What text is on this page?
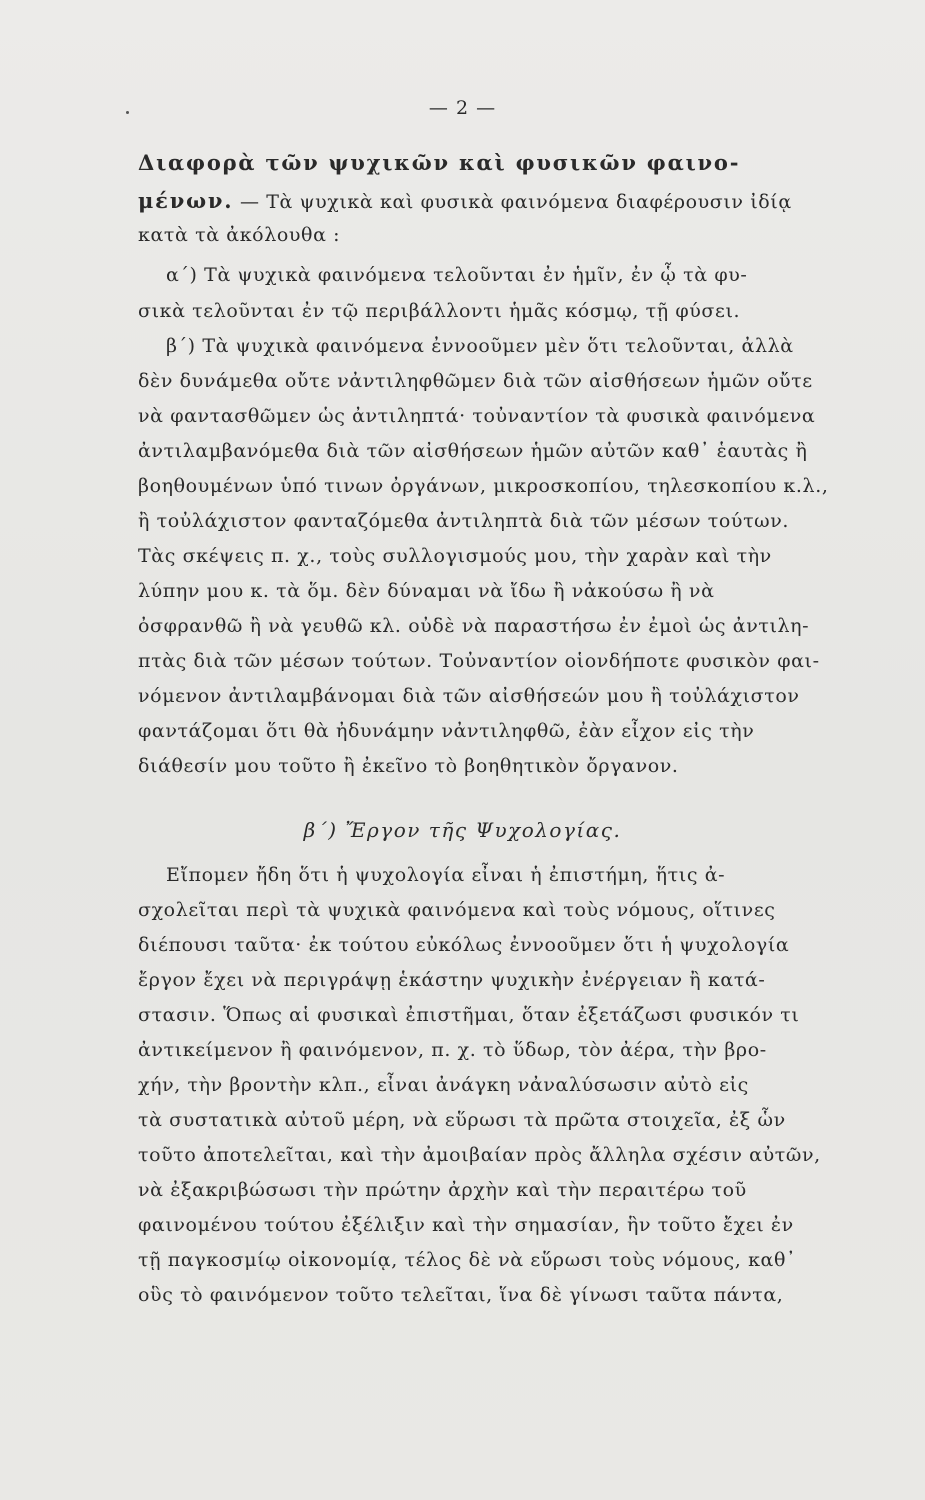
— 2 —
Διαφορὰ τῶν ψυχικῶν καὶ φυσικῶν φαινο-
μένων. — Τὰ ψυχικὰ καὶ φυσικὰ φαινόμενα διαφέρουσιν ἰδίᾳ
κατὰ τὰ ἀκόλουθα :
α΄) Τὰ ψυχικὰ φαινόμενα τελοῦνται ἐν ἡμῖν, ἐν ᾧ τὰ φυ-
σικὰ τελοῦνται ἐν τῷ περιβάλλοντι ἡμᾶς κόσμῳ, τῇ φύσει.
β΄) Τὰ ψυχικὰ φαινόμενα ἐννοοῦμεν μὲν ὅτι τελοῦνται, ἀλλὰ
δὲν δυνάμεθα οὔτε νἀντιληφθῶμεν διὰ τῶν αἰσθήσεων ἡμῶν οὔτε
νὰ φαντασθῶμεν ὡς ἀντιληπτά· τοὐναντίον τὰ φυσικὰ φαινόμενα
ἀντιλαμβανόμεθα διὰ τῶν αἰσθήσεων ἡμῶν αὐτῶν καθ᾽ ἑαυτὰς ἢ
βοηθουμένων ὑπό τινων ὀργάνων, μικροσκοπίου, τηλεσκοπίου κ.λ.,
ἢ τοὐλάχιστον φανταζόμεθα ἀντιληπτὰ διὰ τῶν μέσων τούτων.
Τὰς σκέψεις π. χ., τοὺς συλλογισμούς μου, τὴν χαρὰν καὶ τὴν
λύπην μου κ. τὰ ὅμ. δὲν δύναμαι νὰ ἴδω ἢ νἀκούσω ἢ νὰ
ὀσφρανθῶ ἢ νὰ γευθῶ κλ. οὐδὲ νὰ παραστήσω ἐν ἐμοὶ ὡς ἀντιλη-
πτὰς διὰ τῶν μέσων τούτων. Τοὐναντίον οἱονδήποτε φυσικὸν φαι-
νόμενον ἀντιλαμβάνομαι διὰ τῶν αἰσθήσεών μου ἢ τοὐλάχιστον
φαντάζομαι ὅτι θὰ ἠδυνάμην νἀντιληφθῶ, ἐὰν εἶχον εἰς τὴν
διάθεσίν μου τοῦτο ἢ ἐκεῖνο τὸ βοηθητικὸν ὄργανον.
β΄) Ἔργον τῆς Ψυχολογίας.
Εἴπομεν ἤδη ὅτι ἡ ψυχολογία εἶναι ἡ ἐπιστήμη, ἥτις ἀ-
σχολεῖται περὶ τὰ ψυχικὰ φαινόμενα καὶ τοὺς νόμους, οἵτινες
διέπουσι ταῦτα· ἐκ τούτου εὐκόλως ἐννοοῦμεν ὅτι ἡ ψυχολογία
ἔργον ἔχει νὰ περιγράψῃ ἑκάστην ψυχικὴν ἐνέργειαν ἢ κατά-
στασιν. Ὅπως αἱ φυσικαὶ ἐπιστῆμαι, ὅταν ἐξετάζωσι φυσικόν τι
ἀντικείμενον ἢ φαινόμενον, π. χ. τὸ ὕδωρ, τὸν ἀέρα, τὴν βρο-
χήν, τὴν βροντὴν κλπ., εἶναι ἀνάγκη νἀναλύσωσιν αὐτὸ εἰς
τὰ συστατικὰ αὐτοῦ μέρη, νὰ εὕρωσι τὰ πρῶτα στοιχεῖα, ἐξ ὧν
τοῦτο ἀποτελεῖται, καὶ τὴν ἀμοιβαίαν πρὸς ἄλληλα σχέσιν αὐτῶν,
νὰ ἐξακριβώσωσι τὴν πρώτην ἀρχὴν καὶ τὴν περαιτέρω τοῦ
φαινομένου τούτου ἐξέλιξιν καὶ τὴν σημασίαν, ἣν τοῦτο ἔχει ἐν
τῇ παγκοσμίῳ οἰκονομίᾳ, τέλος δὲ νὰ εὕρωσι τοὺς νόμους, καθ᾽
οὓς τὸ φαινόμενον τοῦτο τελεῖται, ἵνα δὲ γίνωσι ταῦτα πάντα,
